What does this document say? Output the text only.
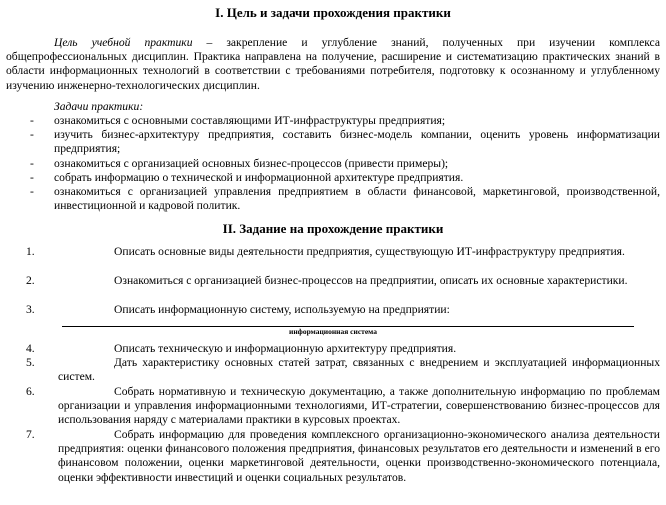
I. Цель и задачи прохождения практики
Цель учебной практики – закрепление и углубление знаний, полученных при изучении комплекса общепрофессиональных дисциплин. Практика направлена на получение, расширение и систематизацию практических знаний в области информационных технологий в соответствии с требованиями потребителя, подготовку к осознанному и углубленному изучению инженерно-технологических дисциплин.
Задачи практики:
- ознакомиться с основными составляющими ИТ-инфраструктуры предприятия;
- изучить бизнес-архитектуру предприятия, составить бизнес-модель компании, оценить уровень информатизации предприятия;
- ознакомиться с организацией основных бизнес-процессов (привести примеры);
- собрать информацию о технической и информационной архитектуре предприятия.
- ознакомиться с организацией управления предприятием в области финансовой, маркетинговой, производственной, инвестиционной и кадровой политик.
II. Задание на прохождение практики
1.	Описать основные виды деятельности предприятия, существующую ИТ-инфраструктуру предприятия.
2.	Ознакомиться с организацией бизнес-процессов на предприятии, описать их основные характеристики.
3.	Описать информационную систему, используемую на предприятии:
информационная система
4.	Описать техническую и информационную архитектуру предприятия.
5.	Дать характеристику основных статей затрат, связанных с внедрением и эксплуатацией информационных систем.
6.	Собрать нормативную и техническую документацию, а также дополнительную информацию по проблемам организации и управления информационными технологиями, ИТ-стратегии, совершенствованию бизнес-процессов для использования наряду с материалами практики в курсовых проектах.
7.	Собрать информацию для проведения комплексного организационно-экономического анализа деятельности предприятия: оценки финансового положения предприятия, финансовых результатов его деятельности и изменений в его финансовом положении, оценки маркетинговой деятельности, оценки производственно-экономического потенциала, оценки эффективности инвестиций и оценки социальных результатов.
